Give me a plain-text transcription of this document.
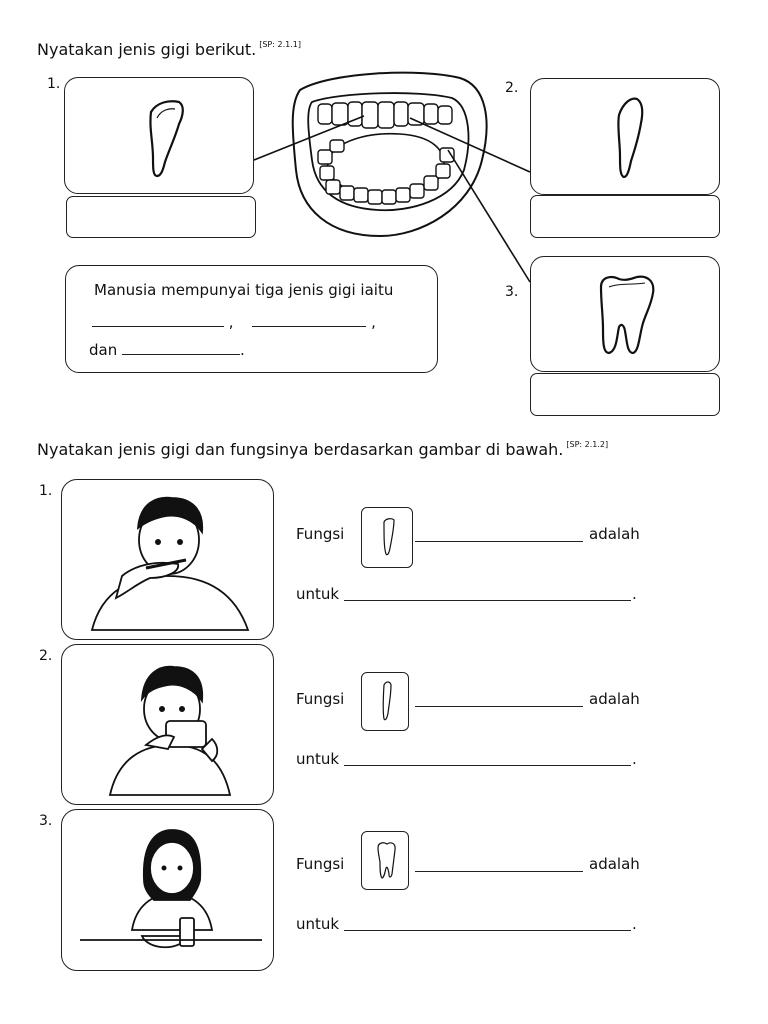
Nyatakan jenis gigi berikut. [SP: 2.1.1]
1.	2.
3.
Manusia mempunyai tiga jenis gigi iaitu
,	,
dan	.
Nyatakan jenis gigi dan fungsinya berdasarkan gambar di bawah. [SP: 2.1.2]
1.
Fungsi	adalah
untuk	.
2.
Fungsi	adalah
untuk	.
3.
Fungsi	adalah
untuk	.
